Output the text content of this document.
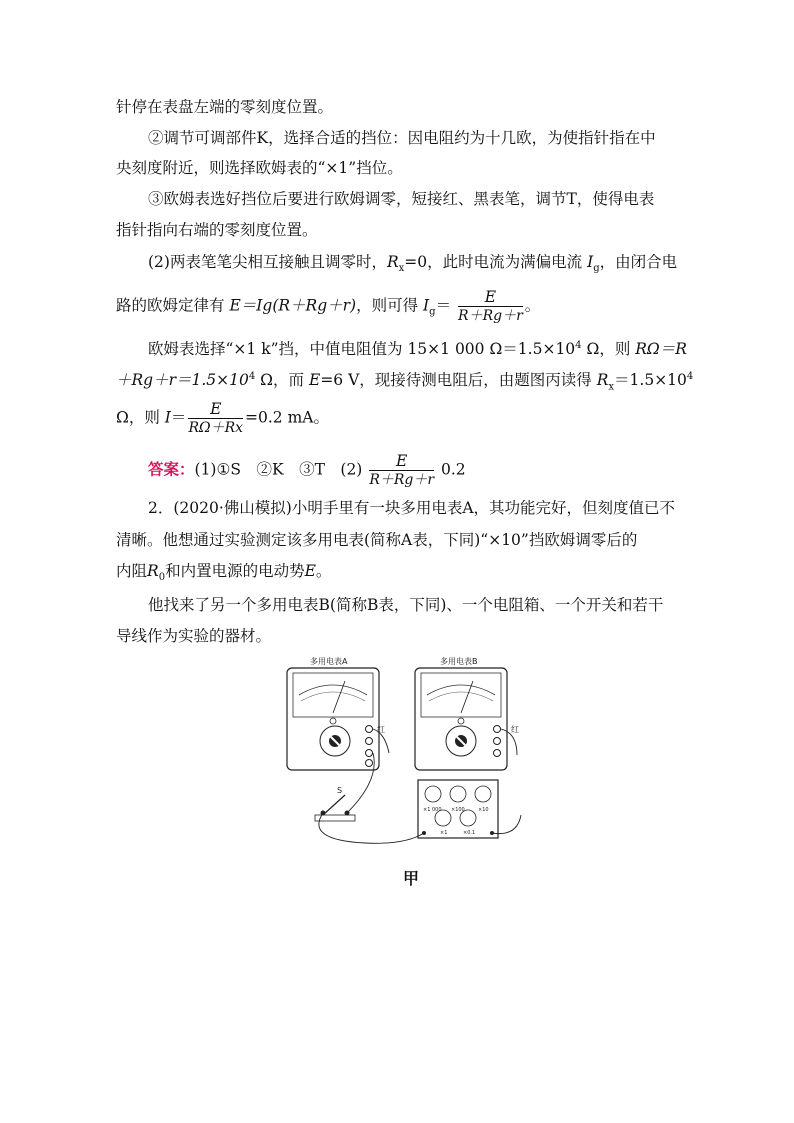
针停在表盘左端的零刻度位置。
②调节可调部件K，选择合适的挡位：因电阻约为十几欧，为使指针指在中
央刻度附近，则选择欧姆表的“×1”挡位。
③欧姆表选好挡位后要进行欧姆调零，短接红、黑表笔，调节T，使得电表
指针指向右端的零刻度位置。
(2)两表笔笔尖相互接触且调零时，$R_x=0$，此时电流为满偏电流 $I_g$，由闭合电
路的欧姆定律有 E＝Ig(R＋Rg＋r)，则可得 $I_g= \frac{E}{R+Rg+r}$ 。
欧姆表选择“×1 k”挡，中值电阻值为 15×1 000 $\Omega=1.5\times 10^4$ Ω，则 RΩ＝R
$+Rg+r=1.5\times 10^4$ Ω，而 E=6 V，现接待测电阻后，由题图丙读得 $R_x=1.5\times 10^4$
Ω，则 $I= \frac{E}{R\Omega+Rx} =0.2$ mA。
答案：(1)①S　②K　③T　$(2) \frac{E}{R+Rg+r} 0.2$
2．(2020·佛山模拟)小明手里有一块多用电表A，其功能完好，但刻度值已不
清晰。他想通过实验测定该多用电表(简称A表，下同)“×10”挡欧姆调零后的
内阻$R_0$和内置电源的电动势E。
他找来了另一个多用电表B(简称B表，下同)、一个电阻箱、一个开关和若干
导线作为实验的器材。
多用电表A
红
多用电表B
红
×1 000 ×100	×10
×1	×0.1
S
甲
